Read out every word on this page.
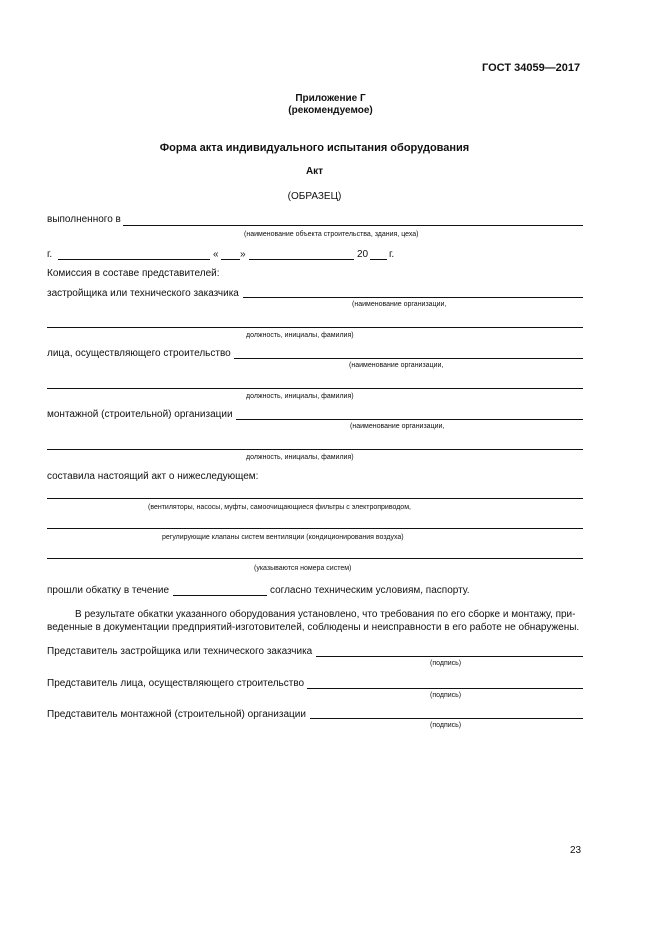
ГОСТ 34059—2017
Приложение Г
(рекомендуемое)
Форма акта индивидуального испытания оборудования
Акт
(ОБРАЗЕЦ)
выполненного в
(наименование объекта строительства, здания, цеха)
г.	« »	20 г.
Комиссия в составе представителей:
застройщика или технического заказчика
(наименование организации,
должность, инициалы, фамилия)
лица, осуществляющего строительство
(наименование организации,
должность, инициалы, фамилия)
монтажной (строительной) организации
(наименование организации,
должность, инициалы, фамилия)
составила настоящий акт о нижеследующем:
(вентиляторы, насосы, муфты, самоочищающиеся фильтры с электроприводом,
регулирующие клапаны систем вентиляции (кондиционирования воздуха)
(указываются номера систем)
прошли обкатку в течение	согласно техническим условиям, паспорту.
В результате обкатки указанного оборудования установлено, что требования по его сборке и монтажу, при-
веденные в документации предприятий-изготовителей, соблюдены и неисправности в его работе не обнаружены.
Представитель застройщика или технического заказчика
(подпись)
Представитель лица, осуществляющего строительство
(подпись)
Представитель монтажной (строительной) организации
(подпись)
23
